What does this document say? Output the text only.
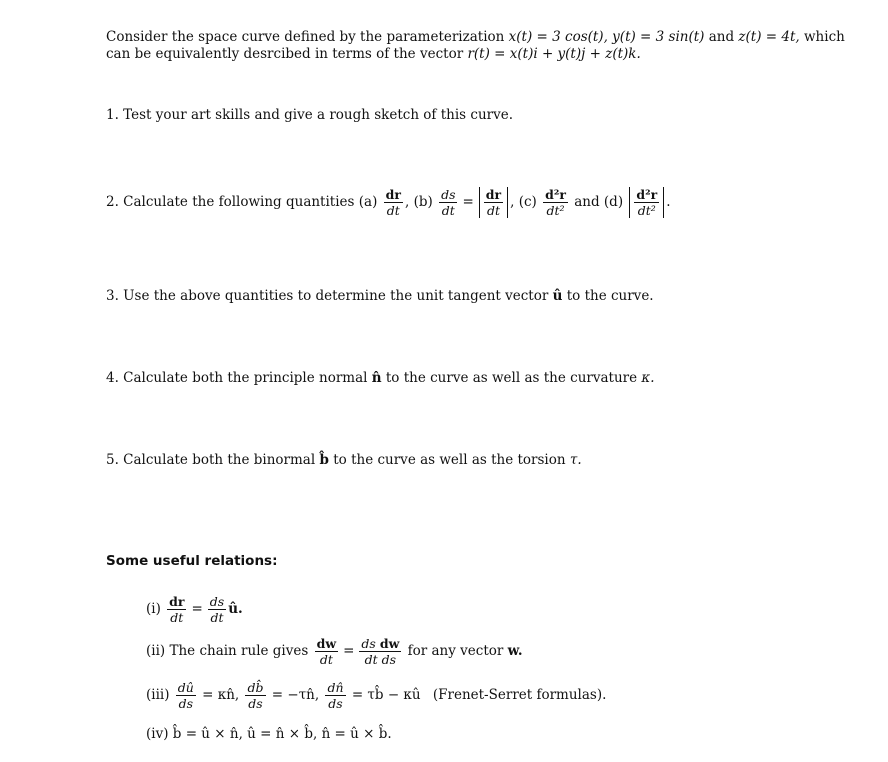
Consider the space curve defined by the parameterization x(t) = 3 cos(t), y(t) = 3 sin(t) and z(t) = 4t, which
can be equivalently desrcibed in terms of the vector r(t) = x(t)i + y(t)j + z(t)k.
1. Test your art skills and give a rough sketch of this curve.
2. Calculate the following quantities $(a) \frac{dr}{dt}$ , $(b) \frac{ds}{dt} = \frac{dr}{dt}$ , $(c) \frac{\text{d²r}}{\text{dt²}}$ and $(d) \frac{\text{d²r}}{\text{dt²}}$ .
3. Use the above quantities to determine the unit tangent vector û to the curve.
4. Calculate both the principle normal n̂ to the curve as well as the curvature κ.
5. Calculate both the binormal b̂ to the curve as well as the torsion τ.
Some useful relations:
$(i) \frac{dr}{dt} = \frac{ds}{dt}$ û.
(ii) The chain rule gives $\frac{dw}{dt} = \frac{\text{ds dw}}{\text{dt ds}}$ for any vector w.
$(iii) \frac{dû}{ds}$ = κn̂, $\frac{db̂}{ds}$ = −τn̂, $\frac{dn̂}{ds}$ = τb̂ − κû (Frenet-Serret formulas).
(iv) b̂ = û × n̂, û = n̂ × b̂, n̂ = û × b̂.
